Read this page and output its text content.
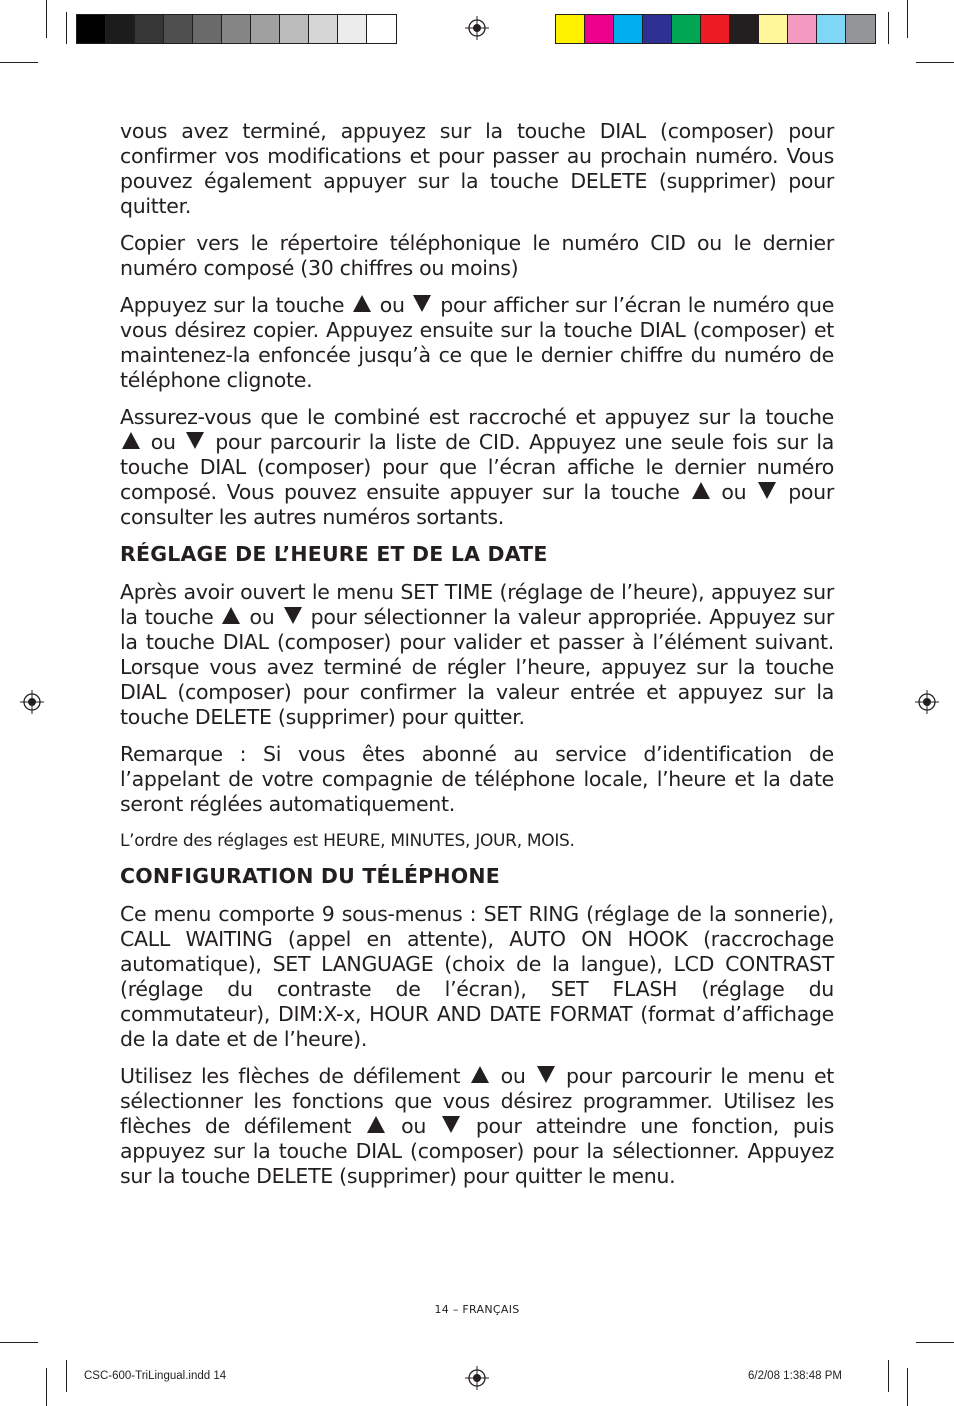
vous avez terminé, appuyez sur la touche DIAL (composer) pour confirmer vos modifications et pour passer au prochain numéro. Vous pouvez également appuyer sur la touche DELETE (supprimer) pour quitter.

Copier vers le répertoire téléphonique le numéro CID ou le dernier numéro composé (30 chiffres ou moins)

Appuyez sur la touche ou pour afficher sur l’écran le numéro que vous désirez copier. Appuyez ensuite sur la touche DIAL (composer) et maintenez-la enfoncée jusqu’à ce que le dernier chiffre du numéro de téléphone clignote.

Assurez-vous que le combiné est raccroché et appuyez sur la touche  ou pour parcourir la liste de CID. Appuyez une seule fois sur la touche DIAL (composer) pour que l’écran affiche le dernier numéro composé. Vous pouvez ensuite appuyer sur la touche ou pour consulter les autres numéros sortants.

RÉGLAGE DE L’HEURE ET DE LA DATE

Après avoir ouvert le menu SET TIME (réglage de l’heure), appuyez sur la touche ou pour sélectionner la valeur appropriée. Appuyez sur la touche DIAL (composer) pour valider et passer à l’élément suivant. Lorsque vous avez terminé de régler l’heure, appuyez sur la touche DIAL (composer) pour confirmer la valeur entrée et appuyez sur la touche DELETE (supprimer) pour quitter.

Remarque : Si vous êtes abonné au service d’identification de l’appelant de votre compagnie de téléphone locale, l’heure et la date seront réglées automatiquement.

L’ordre des réglages est HEURE, MINUTES, JOUR, MOIS.

CONFIGURATION DU TÉLÉPHONE

Ce menu comporte 9 sous-menus : SET RING (réglage de la sonnerie), CALL WAITING (appel en attente), AUTO ON HOOK (raccrochage automatique), SET LANGUAGE (choix de la langue), LCD CONTRAST (réglage du contraste de l’écran), SET FLASH (réglage du commutateur), DIM:X-x, HOUR AND DATE FORMAT (format d’affichage de la date et de l’heure).

Utilisez les flèches de défilement ou pour parcourir le menu et sélectionner les fonctions que vous désirez programmer. Utilisez les flèches de défilement ou pour atteindre une fonction, puis appuyez sur la touche DIAL (composer) pour la sélectionner. Appuyez sur la touche DELETE (supprimer) pour quitter le menu.

14 – FRANÇAIS
CSC-600-TriLingual.indd 14	6/2/08 1:38:48 PM
